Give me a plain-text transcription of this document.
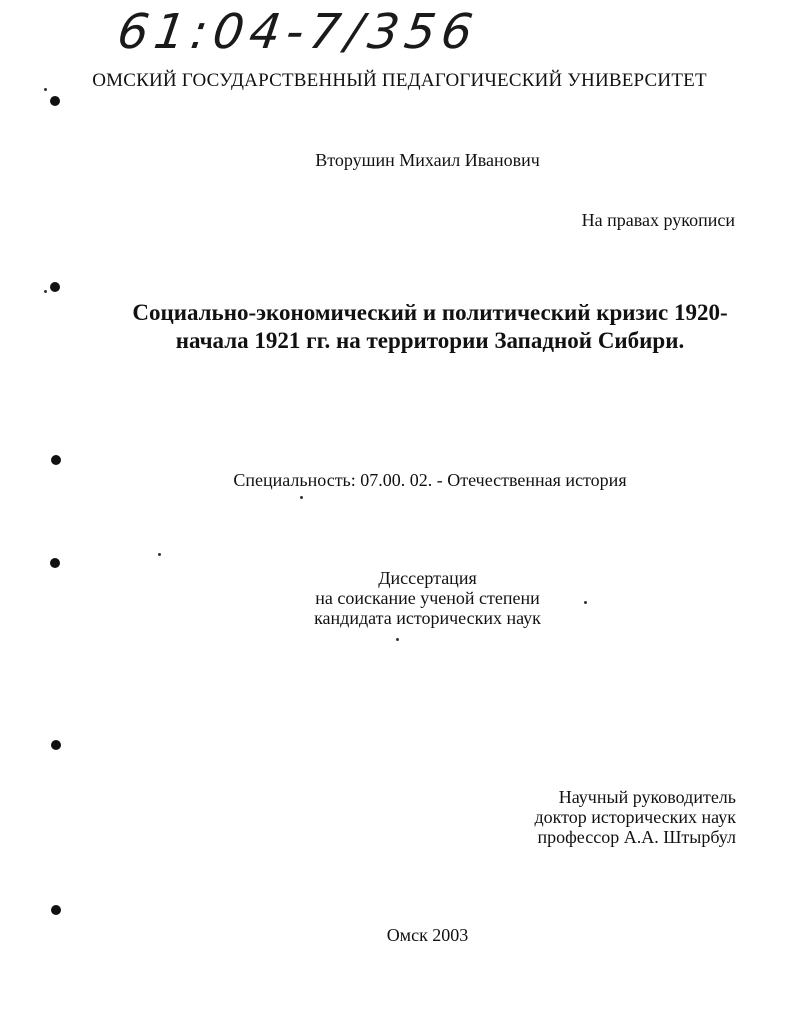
61:04-7/356
ОМСКИЙ ГОСУДАРСТВЕННЫЙ ПЕДАГОГИЧЕСКИЙ УНИВЕРСИТЕТ
Вторушин Михаил Иванович
На правах рукописи
Социально-экономический и политический кризис 1920-
начала 1921 гг. на территории Западной Сибири.
Специальность: 07.00. 02. - Отечественная история
Диссертация
на соискание ученой степени
кандидата исторических наук
Научный руководитель
доктор исторических наук
профессор А.А. Штырбул
Омск 2003
